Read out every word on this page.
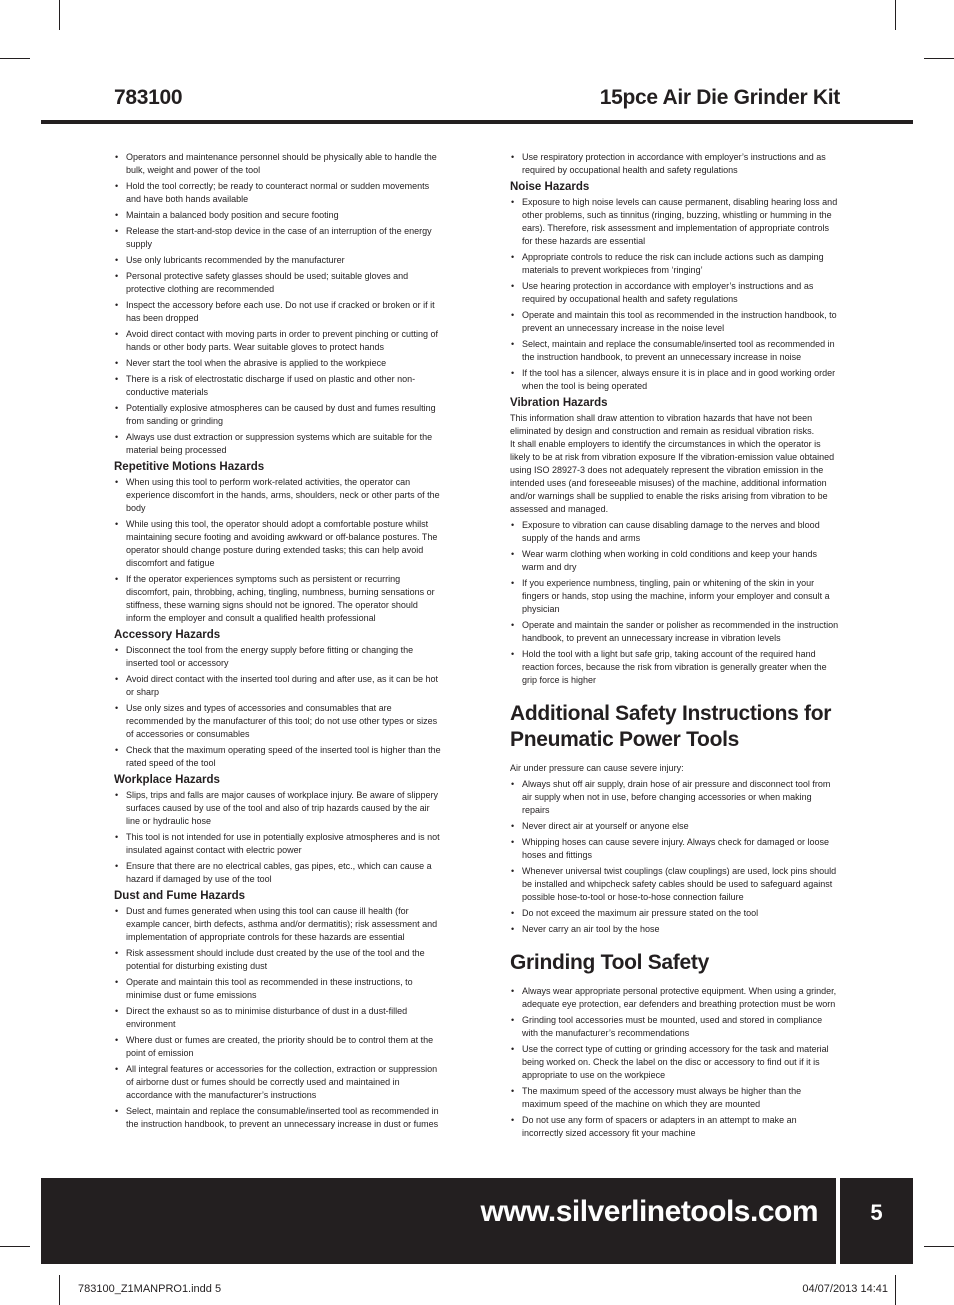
783100	15pce Air Die Grinder Kit
• Operators and maintenance personnel should be physically able to handle the bulk, weight and power of the tool
• Hold the tool correctly; be ready to counteract normal or sudden movements and have both hands available
• Maintain a balanced body position and secure footing
• Release the start-and-stop device in the case of an interruption of the energy supply
• Use only lubricants recommended by the manufacturer
• Personal protective safety glasses should be used; suitable gloves and protective clothing are recommended
• Inspect the accessory before each use. Do not use if cracked or broken or if it has been dropped
• Avoid direct contact with moving parts in order to prevent pinching or cutting of hands or other body parts. Wear suitable gloves to protect hands
• Never start the tool when the abrasive is applied to the workpiece
• There is a risk of electrostatic discharge if used on plastic and other non-conductive materials
• Potentially explosive atmospheres can be caused by dust and fumes resulting from sanding or grinding
• Always use dust extraction or suppression systems which are suitable for the material being processed
Repetitive Motions Hazards
• When using this tool to perform work-related activities, the operator can experience discomfort in the hands, arms, shoulders, neck or other parts of the body
• While using this tool, the operator should adopt a comfortable posture whilst maintaining secure footing and avoiding awkward or off-balance postures. The operator should change posture during extended tasks; this can help avoid discomfort and fatigue
• If the operator experiences symptoms such as persistent or recurring discomfort, pain, throbbing, aching, tingling, numbness, burning sensations or stiffness, these warning signs should not be ignored. The operator should inform the employer and consult a qualified health professional
Accessory Hazards
• Disconnect the tool from the energy supply before fitting or changing the inserted tool or accessory
• Avoid direct contact with the inserted tool during and after use, as it can be hot or sharp
• Use only sizes and types of accessories and consumables that are recommended by the manufacturer of this tool; do not use other types or sizes of accessories or consumables
• Check that the maximum operating speed of the inserted tool is higher than the rated speed of the tool
Workplace Hazards
• Slips, trips and falls are major causes of workplace injury. Be aware of slippery surfaces caused by use of the tool and also of trip hazards caused by the air line or hydraulic hose
• This tool is not intended for use in potentially explosive atmospheres and is not insulated against contact with electric power
• Ensure that there are no electrical cables, gas pipes, etc., which can cause a hazard if damaged by use of the tool
Dust and Fume Hazards
• Dust and fumes generated when using this tool can cause ill health (for example cancer, birth defects, asthma and/or dermatitis); risk assessment and implementation of appropriate controls for these hazards are essential
• Risk assessment should include dust created by the use of the tool and the potential for disturbing existing dust
• Operate and maintain this tool as recommended in these instructions, to minimise dust or fume emissions
• Direct the exhaust so as to minimise disturbance of dust in a dust-filled environment
• Where dust or fumes are created, the priority should be to control them at the point of emission
• All integral features or accessories for the collection, extraction or suppression of airborne dust or fumes should be correctly used and maintained in accordance with the manufacturer’s instructions
• Select, maintain and replace the consumable/inserted tool as recommended in the instruction handbook, to prevent an unnecessary increase in dust or fumes
• Use respiratory protection in accordance with employer’s instructions and as required by occupational health and safety regulations
Noise Hazards
• Exposure to high noise levels can cause permanent, disabling hearing loss and other problems, such as tinnitus (ringing, buzzing, whistling or humming in the ears). Therefore, risk assessment and implementation of appropriate controls for these hazards are essential
• Appropriate controls to reduce the risk can include actions such as damping materials to prevent workpieces from ‘ringing’
• Use hearing protection in accordance with employer’s instructions and as required by occupational health and safety regulations
• Operate and maintain this tool as recommended in the instruction handbook, to prevent an unnecessary increase in the noise level
• Select, maintain and replace the consumable/inserted tool as recommended in the instruction handbook, to prevent an unnecessary increase in noise
• If the tool has a silencer, always ensure it is in place and in good working order when the tool is being operated
Vibration Hazards

This information shall draw attention to vibration hazards that have not been eliminated by design and construction and remain as residual vibration risks.

It shall enable employers to identify the circumstances in which the operator is likely to be at risk from vibration exposure If the vibration-emission value obtained using ISO 28927-3 does not adequately represent the vibration emission in the intended uses (and foreseeable misuses) of the machine, additional information and/or warnings shall be supplied to enable the risks arising from vibration to be assessed and managed.

• Exposure to vibration can cause disabling damage to the nerves and blood supply of the hands and arms
• Wear warm clothing when working in cold conditions and keep your hands warm and dry
• If you experience numbness, tingling, pain or whitening of the skin in your fingers or hands, stop using the machine, inform your employer and consult a physician
• Operate and maintain the sander or polisher as recommended in the instruction handbook, to prevent an unnecessary increase in vibration levels
• Hold the tool with a light but safe grip, taking account of the required hand reaction forces, because the risk from vibration is generally greater when the grip force is higher
Additional Safety Instructions for Pneumatic Power Tools

Air under pressure can cause severe injury:

• Always shut off air supply, drain hose of air pressure and disconnect tool from air supply when not in use, before changing accessories or when making repairs
• Never direct air at yourself or anyone else
• Whipping hoses can cause severe injury. Always check for damaged or loose hoses and fittings
• Whenever universal twist couplings (claw couplings) are used, lock pins should be installed and whipcheck safety cables should be used to safeguard against possible hose-to-tool or hose-to-hose connection failure
• Do not exceed the maximum air pressure stated on the tool
• Never carry an air tool by the hose
Grinding Tool Safety
• Always wear appropriate personal protective equipment. When using a grinder, adequate eye protection, ear defenders and breathing protection must be worn
• Grinding tool accessories must be mounted, used and stored in compliance with the manufacturer’s recommendations
• Use the correct type of cutting or grinding accessory for the task and material being worked on. Check the label on the disc or accessory to find out if it is appropriate to use on the workpiece
• The maximum speed of the accessory must always be higher than the maximum speed of the machine on which they are mounted
• Do not use any form of spacers or adapters in an attempt to make an incorrectly sized accessory fit your machine
www.silverlinetools.com	5
783100_Z1MANPRO1.indd 5	04/07/2013 14:41
